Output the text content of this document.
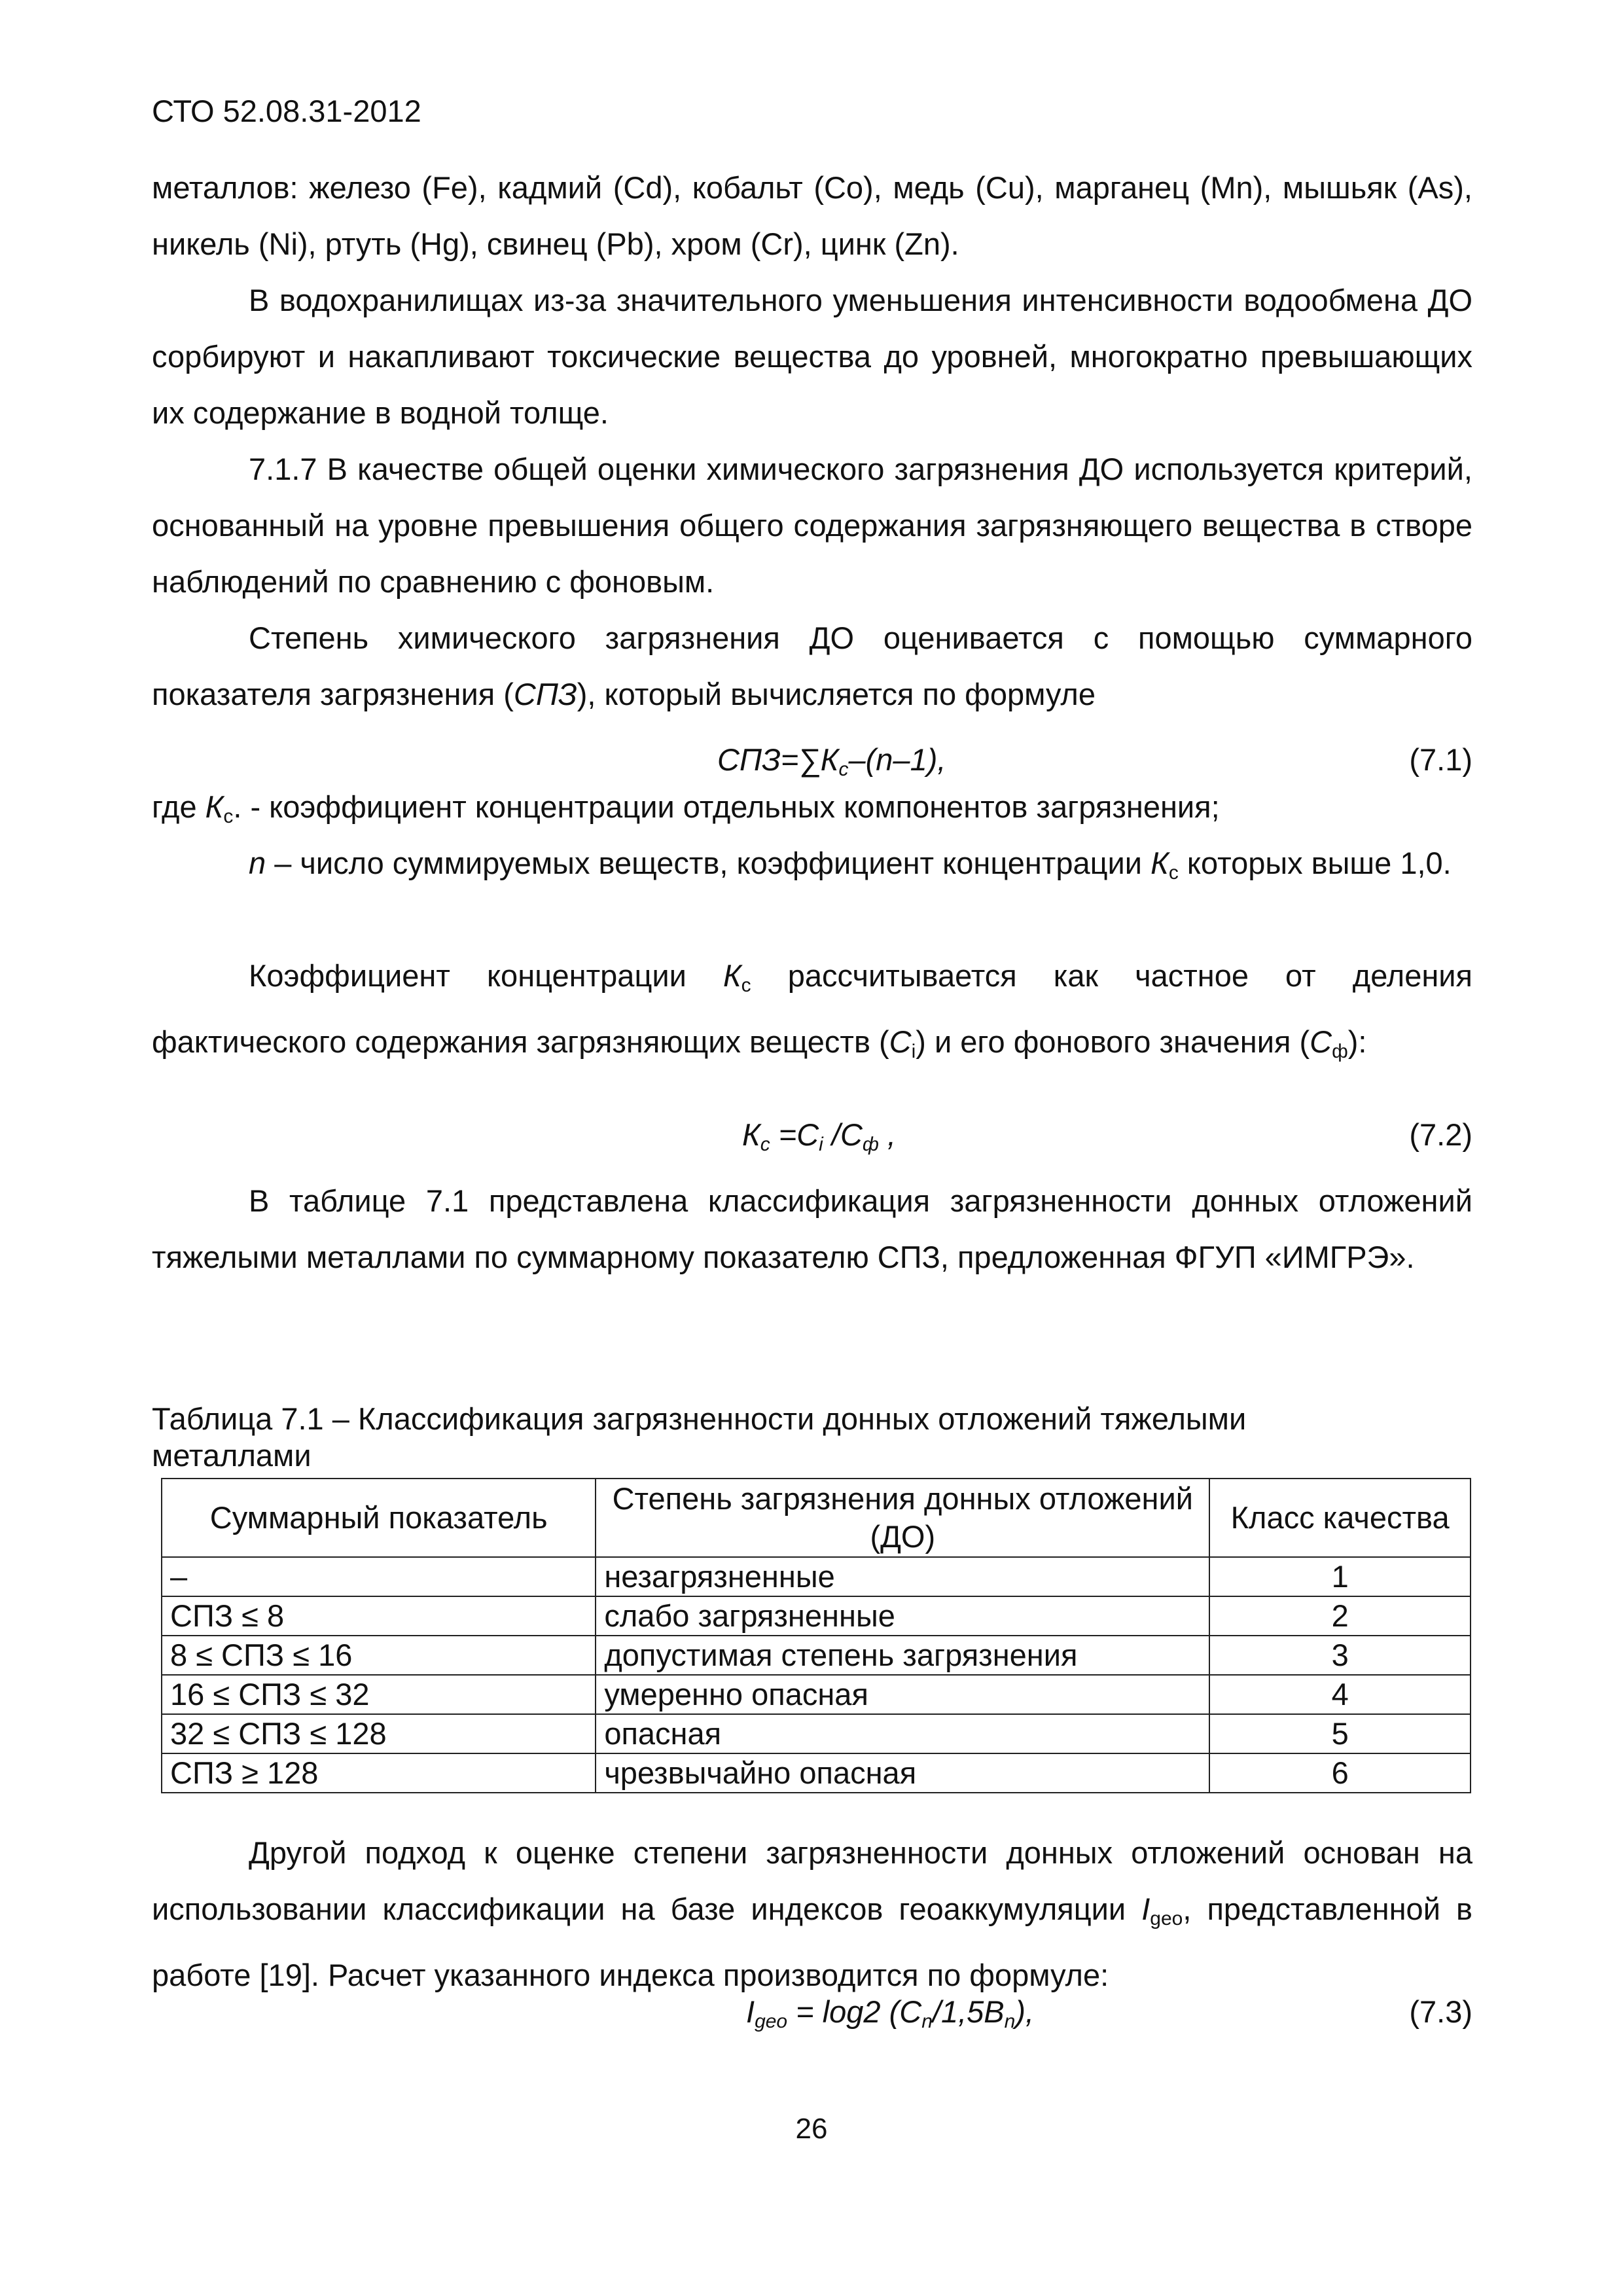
СТО 52.08.31-2012
металлов: железо (Fe), кадмий (Cd), кобальт (Co), медь (Cu), марганец (Mn), мышьяк (As), никель (Ni), ртуть (Hg), свинец (Pb), хром (Cr), цинк (Zn).
В водохранилищах из-за значительного уменьшения интенсивности водообмена ДО сорбируют и накапливают токсические вещества до уровней, многократно превышающих их содержание в водной толще.
7.1.7 В качестве общей оценки химического загрязнения ДО используется критерий, основанный на уровне превышения общего содержания загрязняющего вещества в створе наблюдений по сравнению с фоновым.
Степень химического загрязнения ДО оценивается с помощью суммарного показателя загрязнения (СПЗ), который вычисляется по формуле
$СПЗ=\sum К_с-(n-1)$,	(7.1)
где $К_с$. - коэффициент концентрации отдельных компонентов загрязнения;
n – число суммируемых веществ, коэффициент концентрации $К_с$ которых выше 1,0.
Коэффициент концентрации $К_с$ рассчитывается как частное от деления фактического содержания загрязняющих веществ $(C_i)$ и его фонового значения $(С_ф)$:
$К_с =C_i$ $/С_ф$ ,	(7.2)
В таблице 7.1 представлена классификация загрязненности донных отложений тяжелыми металлами по суммарному показателю СПЗ, предложенная ФГУП «ИМГРЭ».
Таблица 7.1 – Классификация загрязненности донных отложений тяжелыми металлами
Суммарный показатель	Степень загрязнения донных отложений (ДО)	Класс качества
–	незагрязненные	1
СПЗ ≤ 8	слабо загрязненные	2
8 ≤ СПЗ ≤ 16	допустимая степень загрязнения	3
16 ≤ СПЗ ≤ 32	умеренно опасная	4
32 ≤ СПЗ ≤ 128	опасная	5
СПЗ ≥ 128	чрезвычайно опасная	6
Другой подход к оценке степени загрязненности донных отложений основан на использовании классификации на базе индексов геоаккумуляции $I_{geo}$, представленной в работе [19]. Расчет указанного индекса производится по формуле:
$I_{geo} = \log 2$ $(C_n/1,5B_n)$,	(7.3)
26
